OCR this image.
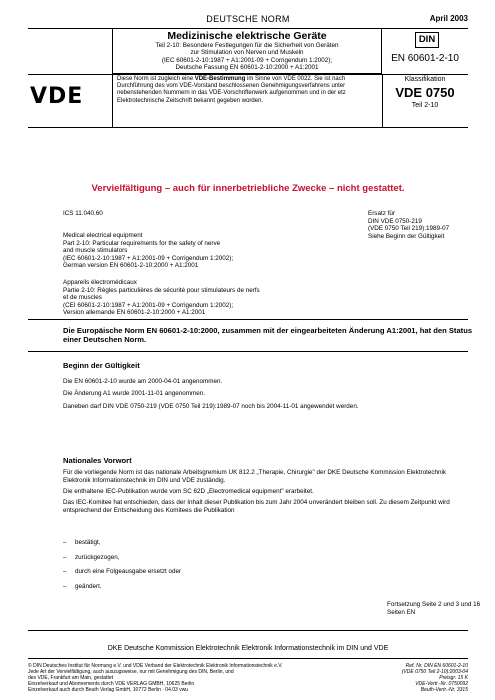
DEUTSCHE NORM	April 2003
Medizinische elektrische Geräte
Teil 2-10: Besondere Festlegungen für die Sicherheit von Geräten
zur Stimulation von Nerven und Muskeln
(IEC 60601-2-10:1987 + A1:2001-09 + Corrigendum 1:2002);
Deutsche Fassung EN 60601-2-10:2000 + A1:2001
DIN
EN 60601-2-10
VDE
Diese Norm ist zugleich eine VDE-Bestimmung im Sinne von VDE 0022. Sie ist nach Durchführung des vom VDE-Vorstand beschlossenen Genehmigungsverfahrens unter nebenstehenden Nummern in das VDE-Vorschriftenwerk aufgenommen und in der etz Elektrotechnische Zeitschrift bekannt gegeben worden.
Klassifikation
VDE 0750
Teil 2-10
Vervielfältigung – auch für innerbetriebliche Zwecke – nicht gestattet.
ICS 11.040.60	Ersatz für
DIN VDE 0750-219
(VDE 0750 Teil 219):1989-07
Siehe Beginn der Gültigkeit
Medical electrical equipment
Part 2-10: Particular requirements for the safety of nerve
and muscle stimulators
(IEC 60601-2-10:1987 + A1:2001-09 + Corrigendum 1:2002);
German version EN 60601-2-10:2000 + A1:2001
Appareils électromédicaux
Partie 2-10: Règles particulières de sécurité pour stimulateurs de nerfs
et de muscles
(CEI 60601-2-10:1987 + A1:2001-09 + Corrigendum 1:2002);
Version allemande EN 60601-2-10:2000 + A1:2001
Die Europäische Norm EN 60601-2-10:2000, zusammen mit der eingearbeiteten Änderung A1:2001, hat den Status einer Deutschen Norm.
Beginn der Gültigkeit
Die EN 60601-2-10 wurde am 2000-04-01 angenommen.
Die Änderung A1 wurde 2001-11-01 angenommen.
Daneben darf DIN VDE 0750-219 (VDE 0750 Teil 219):1989-07 noch bis 2004-11-01 angewendet werden.
Nationales Vorwort
Für die vorliegende Norm ist das nationale Arbeitsgremium UK 812.2 „Therapie, Chirurgie" der DKE Deutsche Kommission Elektrotechnik Elektronik Informationstechnik im DIN und VDE zuständig.
Die enthaltene IEC-Publikation wurde vom SC 62D „Electromedical equipment" erarbeitet.
Das IEC-Komitee hat entschieden, dass der Inhalt dieser Publikation bis zum Jahr 2004 unverändert bleiben soll. Zu diesem Zeitpunkt wird entsprechend der Entscheidung des Komitees die Publikation
–	bestätigt,
–	zurückgezogen,
–	durch eine Folgeausgabe ersetzt oder
–	geändert.
Fortsetzung Seite 2 und 3 und 16 Seiten EN
DKE Deutsche Kommission Elektrotechnik Elektronik Informationstechnik im DIN und VDE
© DIN Deutsches Institut für Normung e.V. und VDE Verband der Elektrotechnik Elektronik Informationstechnik e.V.
Jede Art der Vervielfältigung, auch auszugsweise, nur mit Genehmigung des DIN, Berlin, und
des VDE, Frankfurt am Main, gestattet
Einzelverkauf und Abonnements durch VDE VERLAG GMBH, 10625 Berlin
Einzelverkauf auch durch Beuth Verlag GmbH, 10772 Berlin · 04.03 vwu
Ref. Nr. DIN EN 60601-2-10
(VDE 0750 Teil 2-10):2003-04
Preisgr. 15 K
VDE-Vertr.-Nr. 0750092
Beuth-Vertr.-Nr. 3315
